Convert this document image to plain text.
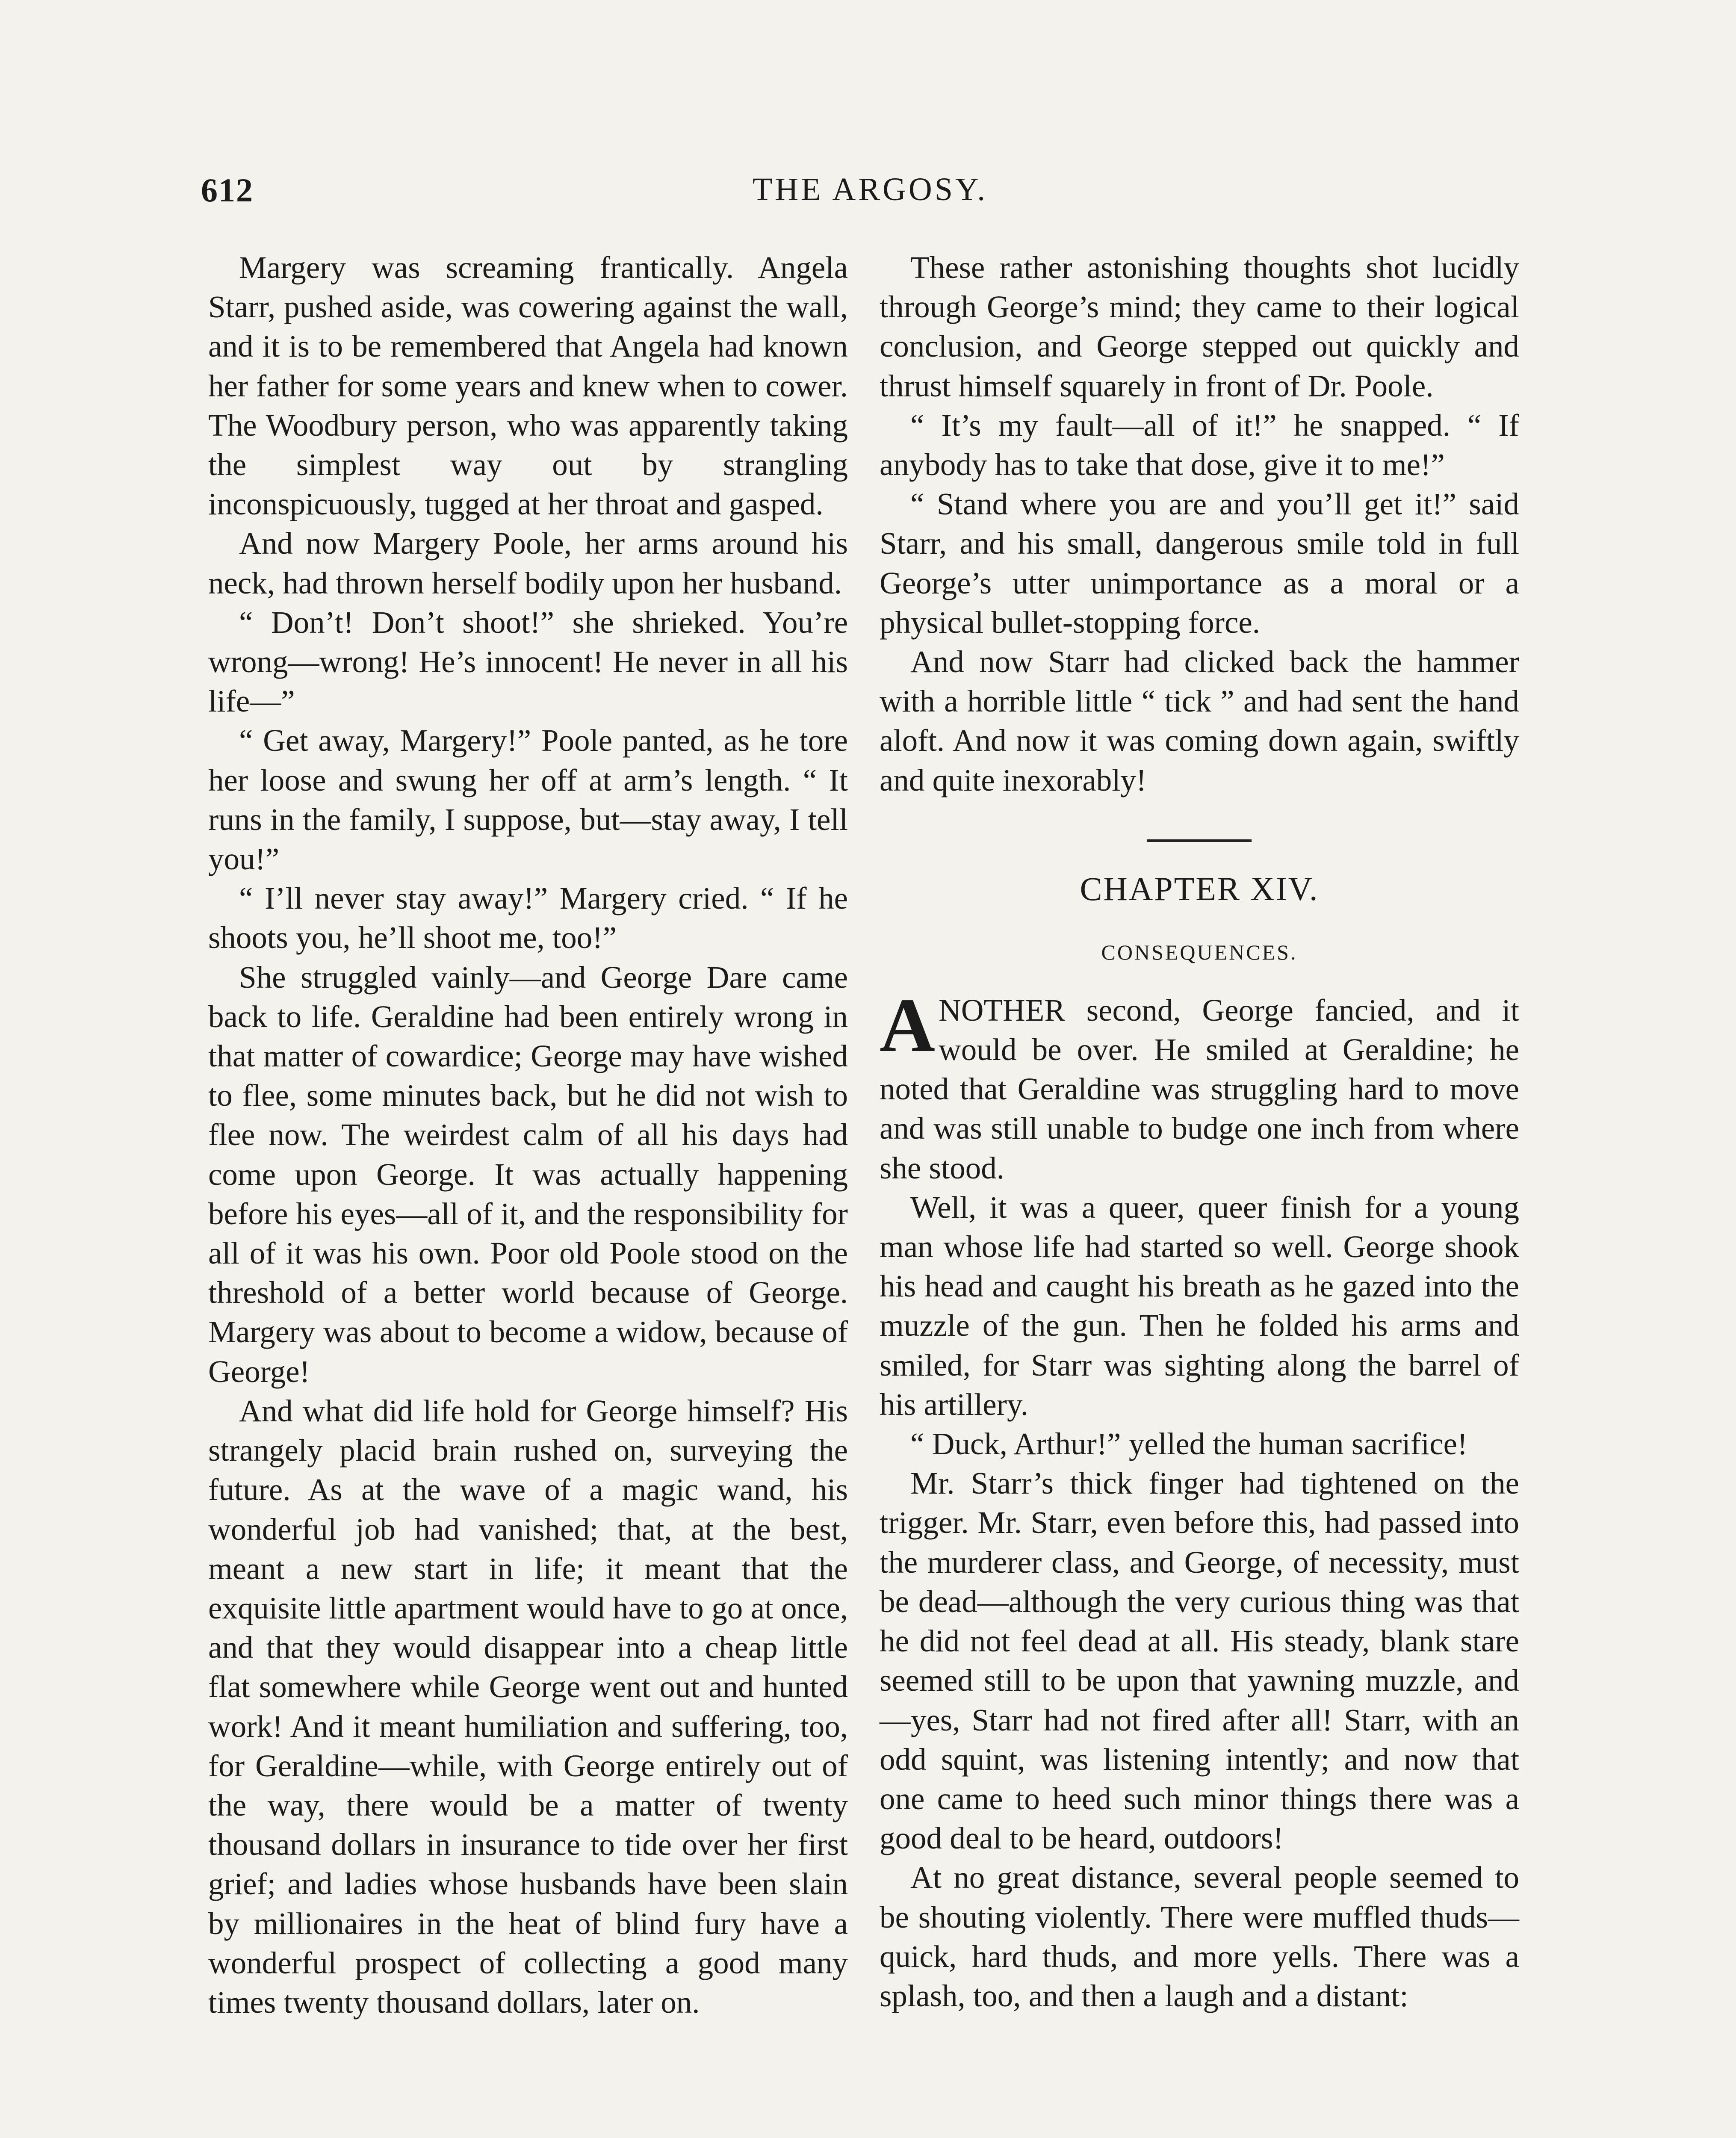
612	THE ARGOSY.

Margery was screaming frantically. Angela Starr, pushed aside, was cowering against the wall, and it is to be remembered that Angela had known her father for some years and knew when to cower. The Woodbury person, who was apparently taking the simplest way out by strangling inconspicuously, tugged at her throat and gasped.

And now Margery Poole, her arms around his neck, had thrown herself bodily upon her husband.

“ Don’t! Don’t shoot!” she shrieked. You’re wrong—wrong! He’s innocent! He never in all his life—”

“ Get away, Margery!” Poole panted, as he tore her loose and swung her off at arm’s length. “ It runs in the family, I suppose, but—stay away, I tell you!”

“ I’ll never stay away!” Margery cried. “ If he shoots you, he’ll shoot me, too!”

She struggled vainly—and George Dare came back to life. Geraldine had been entirely wrong in that matter of cowardice; George may have wished to flee, some minutes back, but he did not wish to flee now. The weirdest calm of all his days had come upon George. It was actually happening before his eyes—all of it, and the responsibility for all of it was his own. Poor old Poole stood on the threshold of a better world because of George. Margery was about to become a widow, because of George!

And what did life hold for George himself? His strangely placid brain rushed on, surveying the future. As at the wave of a magic wand, his wonderful job had vanished; that, at the best, meant a new start in life; it meant that the exquisite little apartment would have to go at once, and that they would disappear into a cheap little flat somewhere while George went out and hunted work! And it meant humiliation and suffering, too, for Geraldine—while, with George entirely out of the way, there would be a matter of twenty thousand dollars in insurance to tide over her first grief; and ladies whose husbands have been slain by millionaires in the heat of blind fury have a wonderful prospect of collecting a good many times twenty thousand dollars, later on.

These rather astonishing thoughts shot lucidly through George’s mind; they came to their logical conclusion, and George stepped out quickly and thrust himself squarely in front of Dr. Poole.

“ It’s my fault—all of it!” he snapped. “ If anybody has to take that dose, give it to me!”

“ Stand where you are and you’ll get it!” said Starr, and his small, dangerous smile told in full George’s utter unimportance as a moral or a physical bullet-stopping force.

And now Starr had clicked back the hammer with a horrible little “ tick ” and had sent the hand aloft. And now it was coming down again, swiftly and quite inexorably!

CHAPTER XIV.
CONSEQUENCES.

ANOTHER second, George fancied, and it would be over. He smiled at Geraldine; he noted that Geraldine was struggling hard to move and was still unable to budge one inch from where she stood.

Well, it was a queer, queer finish for a young man whose life had started so well. George shook his head and caught his breath as he gazed into the muzzle of the gun. Then he folded his arms and smiled, for Starr was sighting along the barrel of his artillery.

“ Duck, Arthur!” yelled the human sacrifice!

Mr. Starr’s thick finger had tightened on the trigger. Mr. Starr, even before this, had passed into the murderer class, and George, of necessity, must be dead—although the very curious thing was that he did not feel dead at all. His steady, blank stare seemed still to be upon that yawning muzzle, and—yes, Starr had not fired after all! Starr, with an odd squint, was listening intently; and now that one came to heed such minor things there was a good deal to be heard, outdoors!

At no great distance, several people seemed to be shouting violently. There were muffled thuds—quick, hard thuds, and more yells. There was a splash, too, and then a laugh and a distant:
